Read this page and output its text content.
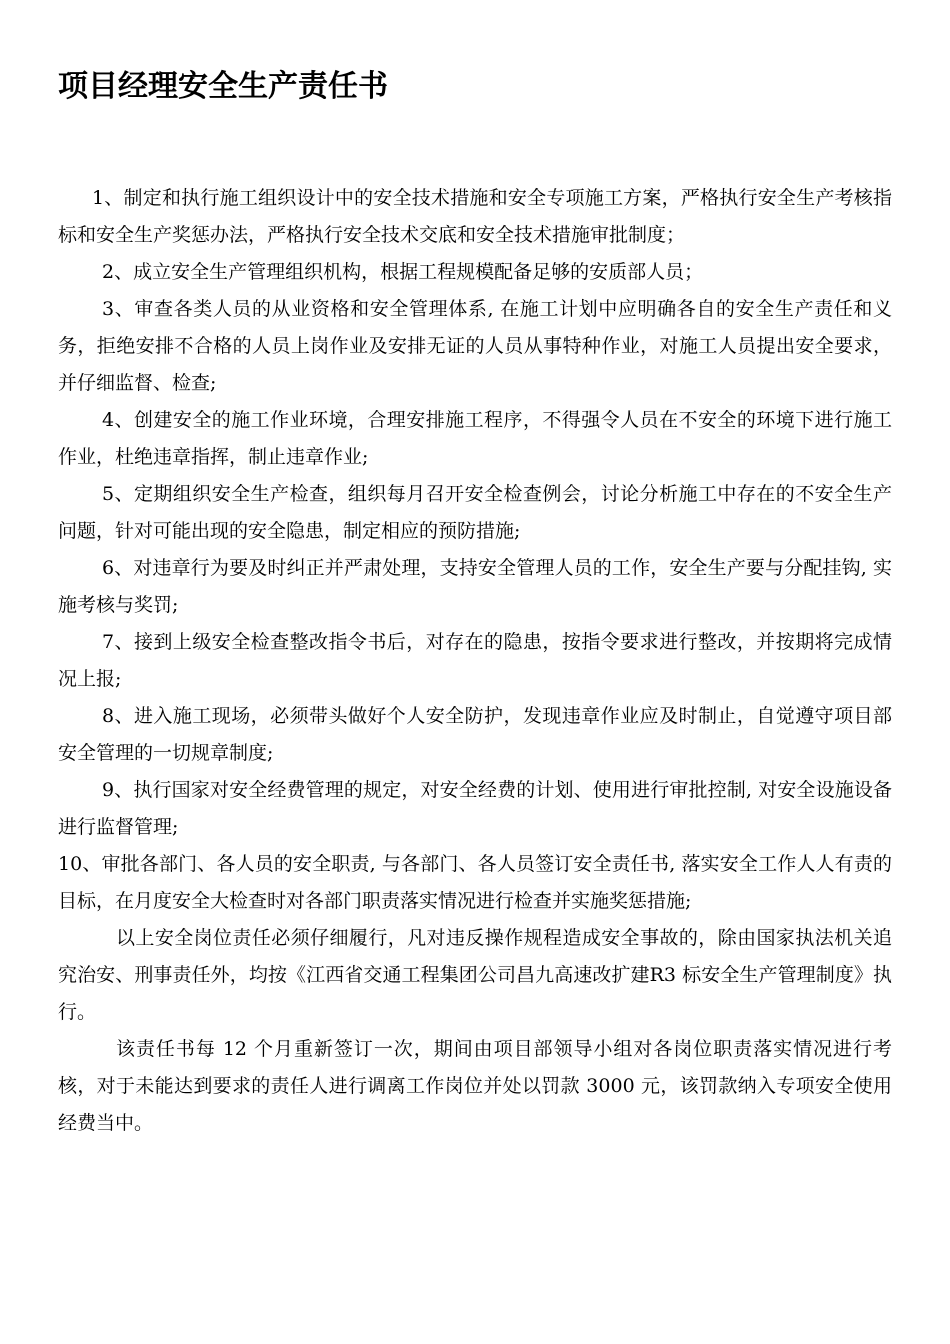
项目经理安全生产责任书

1、制定和执行施工组织设计中的安全技术措施和安全专项施工方案，严格执行安全生产考核指标和安全生产奖惩办法，严格执行安全技术交底和安全技术措施审批制度；

2、成立安全生产管理组织机构，根据工程规模配备足够的安质部人员；

3、审查各类人员的从业资格和安全管理体系, 在施工计划中应明确各自的安全生产责任和义务，拒绝安排不合格的人员上岗作业及安排无证的人员从事特种作业，对施工人员提出安全要求，并仔细监督、检查;

4、创建安全的施工作业环境，合理安排施工程序，不得强令人员在不安全的环境下进行施工作业，杜绝违章指挥，制止违章作业;

5、定期组织安全生产检查，组织每月召开安全检查例会，讨论分析施工中存在的不安全生产问题，针对可能出现的安全隐患，制定相应的预防措施;

6、对违章行为要及时纠正并严肃处理，支持安全管理人员的工作，安全生产要与分配挂钩, 实施考核与奖罚;

7、接到上级安全检查整改指令书后，对存在的隐患，按指令要求进行整改，并按期将完成情况上报;

8、进入施工现场，必须带头做好个人安全防护，发现违章作业应及时制止，自觉遵守项目部安全管理的一切规章制度;

9、执行国家对安全经费管理的规定，对安全经费的计划、使用进行审批控制, 对安全设施设备进行监督管理;

10、审批各部门、各人员的安全职责, 与各部门、各人员签订安全责任书, 落实安全工作人人有责的目标，在月度安全大检查时对各部门职责落实情况进行检查并实施奖惩措施;

以上安全岗位责任必须仔细履行，凡对违反操作规程造成安全事故的，除由国家执法机关追究治安、刑事责任外，均按《江西省交通工程集团公司昌九高速改扩建R3 标安全生产管理制度》执行。

该责任书每 12 个月重新签订一次，期间由项目部领导小组对各岗位职责落实情况进行考核，对于未能达到要求的责任人进行调离工作岗位并处以罚款 3000 元，该罚款纳入专项安全使用经费当中。
